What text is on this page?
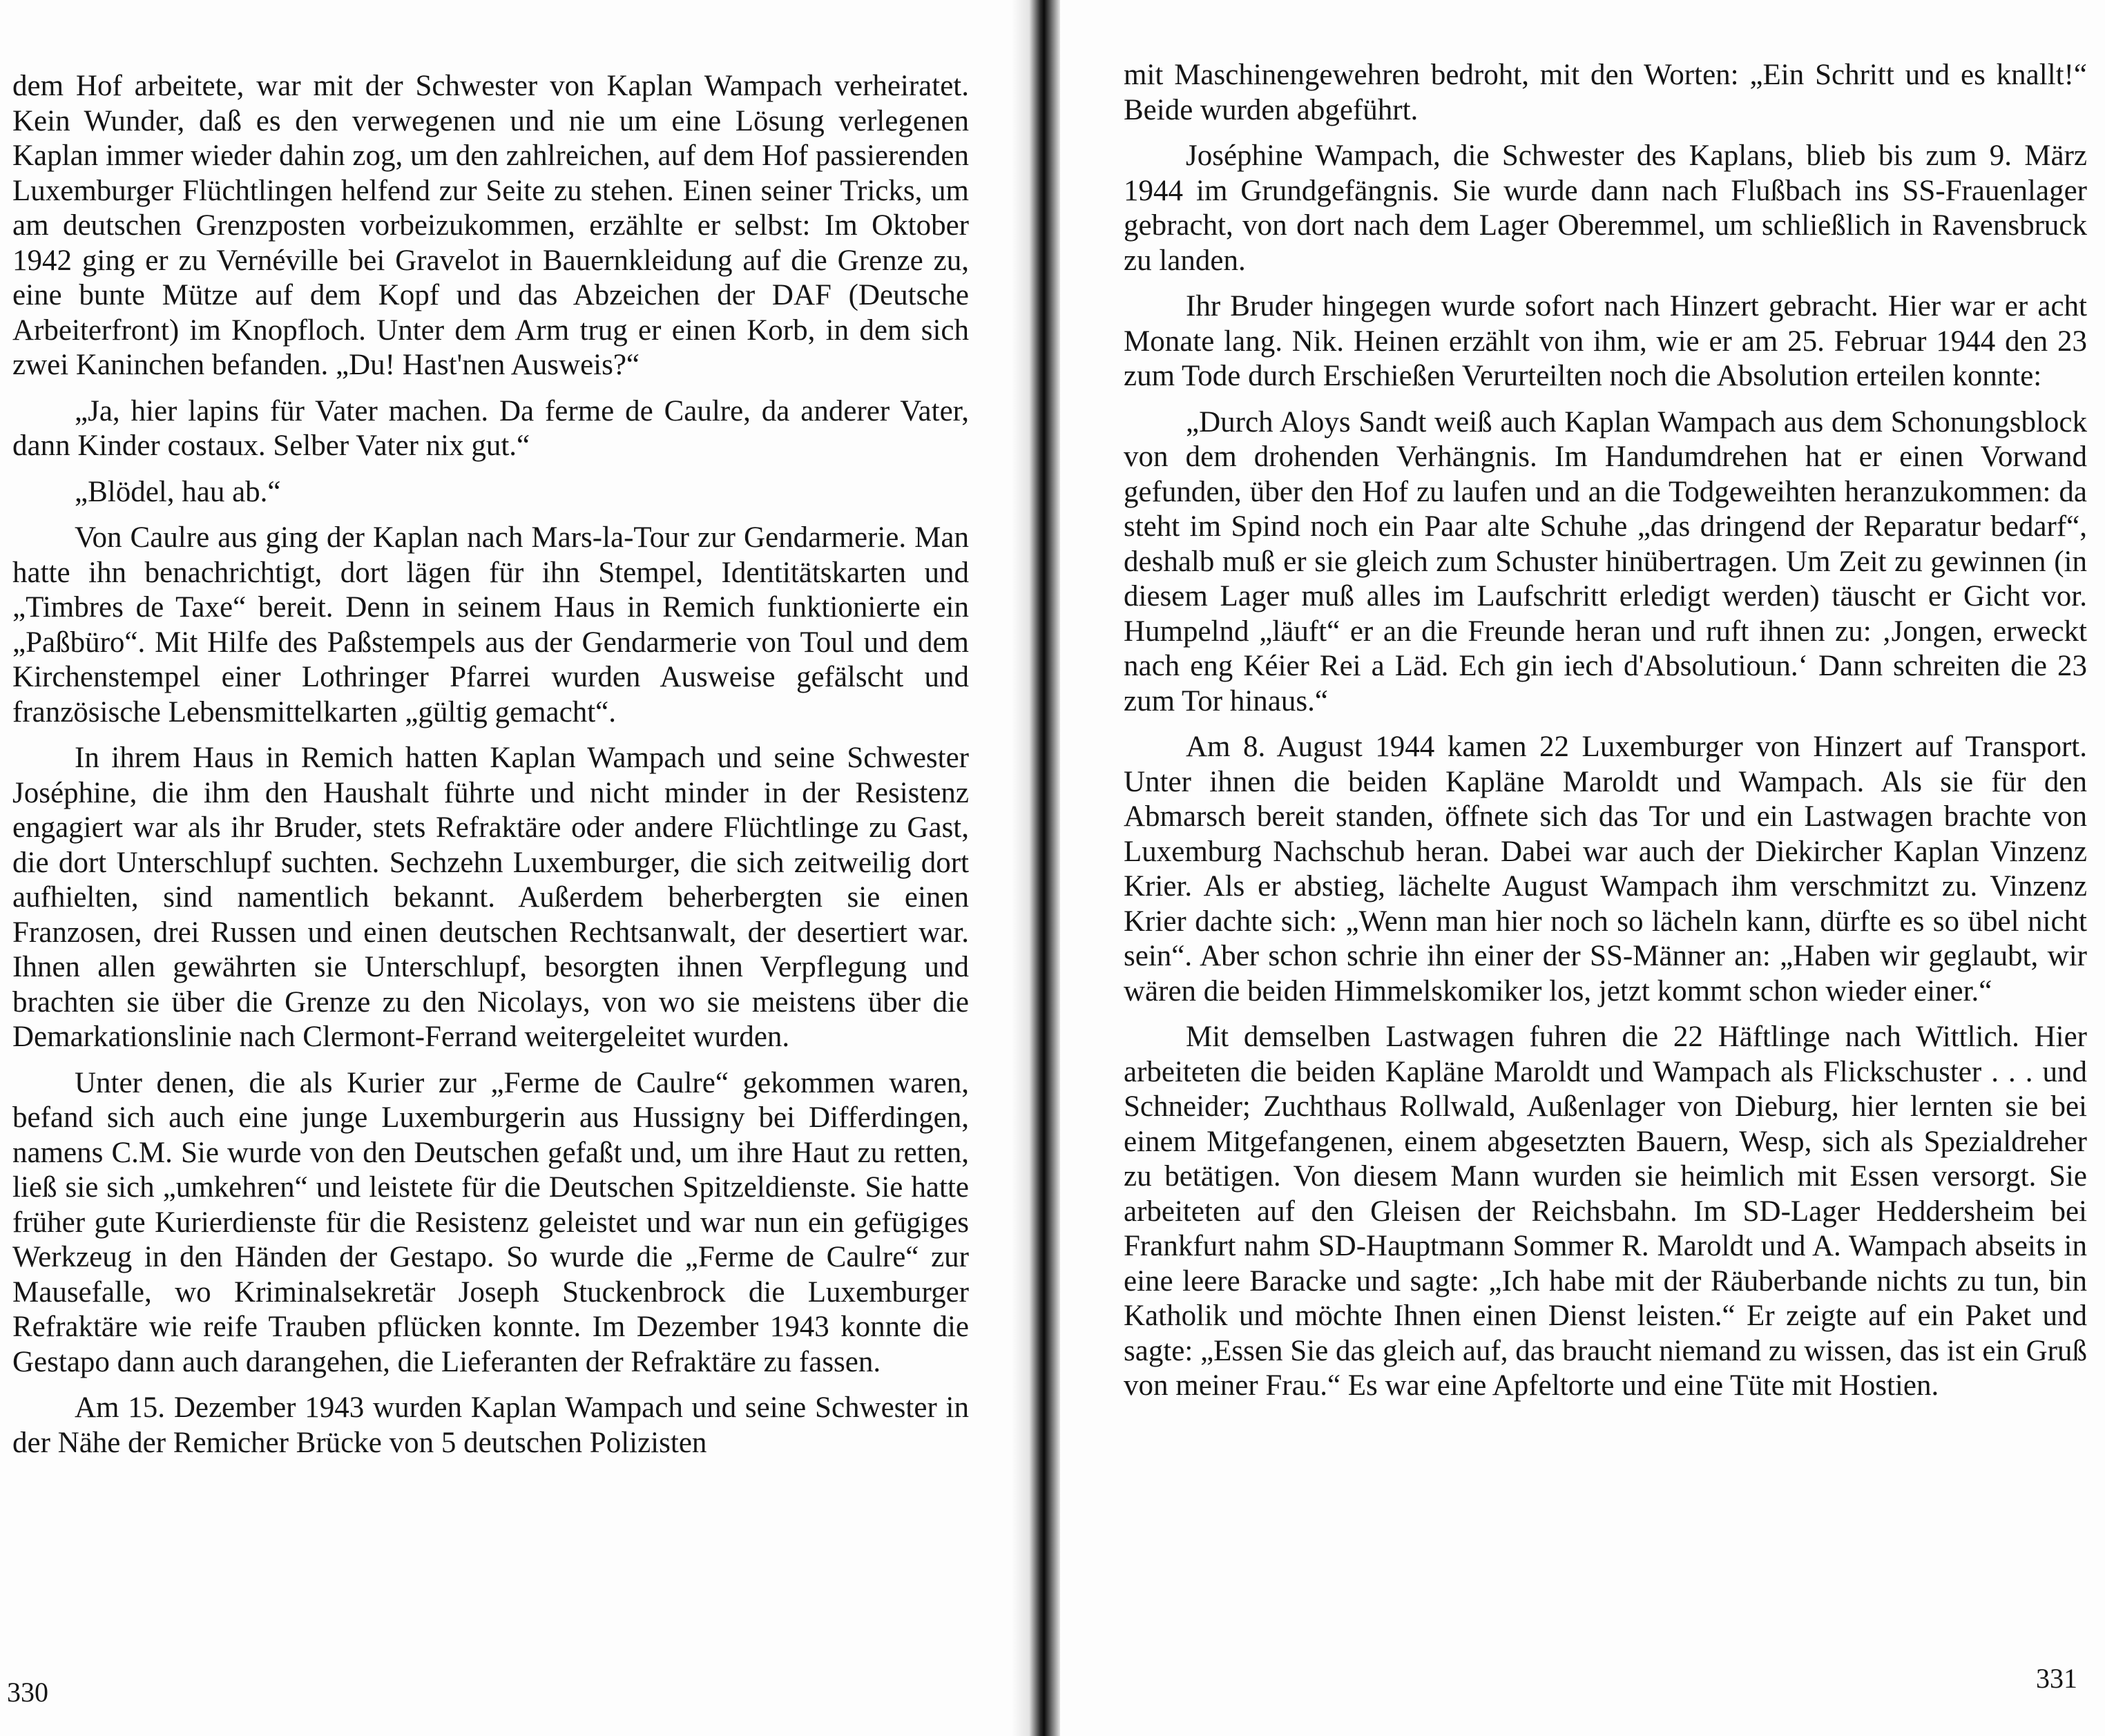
dem Hof arbeitete, war mit der Schwester von Kaplan Wampach verheiratet. Kein Wunder, daß es den verwegenen und nie um eine Lösung verlegenen Kaplan immer wieder dahin zog, um den zahlreichen, auf dem Hof passierenden Luxemburger Flüchtlingen helfend zur Seite zu stehen. Einen seiner Tricks, um am deutschen Grenzposten vorbeizukommen, erzählte er selbst: Im Oktober 1942 ging er zu Vernéville bei Gravelot in Bauernkleidung auf die Grenze zu, eine bunte Mütze auf dem Kopf und das Abzeichen der DAF (Deutsche Arbeiterfront) im Knopfloch. Unter dem Arm trug er einen Korb, in dem sich zwei Kaninchen befanden. „Du! Hast'nen Ausweis?“

„Ja, hier lapins für Vater machen. Da ferme de Caulre, da anderer Vater, dann Kinder costaux. Selber Vater nix gut.“

„Blödel, hau ab.“

Von Caulre aus ging der Kaplan nach Mars-la-Tour zur Gendarmerie. Man hatte ihn benachrichtigt, dort lägen für ihn Stempel, Identitätskarten und „Timbres de Taxe“ bereit. Denn in seinem Haus in Remich funktionierte ein „Paßbüro“. Mit Hilfe des Paßstempels aus der Gendarmerie von Toul und dem Kirchenstempel einer Lothringer Pfarrei wurden Ausweise gefälscht und französische Lebensmittelkarten „gültig gemacht“.

In ihrem Haus in Remich hatten Kaplan Wampach und seine Schwester Joséphine, die ihm den Haushalt führte und nicht minder in der Resistenz engagiert war als ihr Bruder, stets Refraktäre oder andere Flüchtlinge zu Gast, die dort Unterschlupf suchten. Sechzehn Luxemburger, die sich zeitweilig dort aufhielten, sind namentlich bekannt. Außerdem beherbergten sie einen Franzosen, drei Russen und einen deutschen Rechtsanwalt, der desertiert war. Ihnen allen gewährten sie Unterschlupf, besorgten ihnen Verpflegung und brachten sie über die Grenze zu den Nicolays, von wo sie meistens über die Demarkationslinie nach Clermont-Ferrand weitergeleitet wurden.

Unter denen, die als Kurier zur „Ferme de Caulre“ gekommen waren, befand sich auch eine junge Luxemburgerin aus Hussigny bei Differdingen, namens C.M. Sie wurde von den Deutschen gefaßt und, um ihre Haut zu retten, ließ sie sich „umkehren“ und leistete für die Deutschen Spitzeldienste. Sie hatte früher gute Kurierdienste für die Resistenz geleistet und war nun ein gefügiges Werkzeug in den Händen der Gestapo. So wurde die „Ferme de Caulre“ zur Mausefalle, wo Kriminalsekretär Joseph Stuckenbrock die Luxemburger Refraktäre wie reife Trauben pflücken konnte. Im Dezember 1943 konnte die Gestapo dann auch darangehen, die Lieferanten der Refraktäre zu fassen.

Am 15. Dezember 1943 wurden Kaplan Wampach und seine Schwester in der Nähe der Remicher Brücke von 5 deutschen Polizisten

330

mit Maschinengewehren bedroht, mit den Worten: „Ein Schritt und es knallt!“ Beide wurden abgeführt.

Joséphine Wampach, die Schwester des Kaplans, blieb bis zum 9. März 1944 im Grundgefängnis. Sie wurde dann nach Flußbach ins SS-Frauenlager gebracht, von dort nach dem Lager Oberemmel, um schließlich in Ravensbruck zu landen.

Ihr Bruder hingegen wurde sofort nach Hinzert gebracht. Hier war er acht Monate lang. Nik. Heinen erzählt von ihm, wie er am 25. Februar 1944 den 23 zum Tode durch Erschießen Verurteilten noch die Absolution erteilen konnte:

„Durch Aloys Sandt weiß auch Kaplan Wampach aus dem Schonungsblock von dem drohenden Verhängnis. Im Handumdrehen hat er einen Vorwand gefunden, über den Hof zu laufen und an die Todgeweihten heranzukommen: da steht im Spind noch ein Paar alte Schuhe „das dringend der Reparatur bedarf“, deshalb muß er sie gleich zum Schuster hinübertragen. Um Zeit zu gewinnen (in diesem Lager muß alles im Laufschritt erledigt werden) täuscht er Gicht vor. Humpelnd „läuft“ er an die Freunde heran und ruft ihnen zu: ‚Jongen, erweckt nach eng Kéier Rei a Läd. Ech gin iech d'Absolutioun.‘ Dann schreiten die 23 zum Tor hinaus.“

Am 8. August 1944 kamen 22 Luxemburger von Hinzert auf Transport. Unter ihnen die beiden Kapläne Maroldt und Wampach. Als sie für den Abmarsch bereit standen, öffnete sich das Tor und ein Lastwagen brachte von Luxemburg Nachschub heran. Dabei war auch der Diekircher Kaplan Vinzenz Krier. Als er abstieg, lächelte August Wampach ihm verschmitzt zu. Vinzenz Krier dachte sich: „Wenn man hier noch so lächeln kann, dürfte es so übel nicht sein“. Aber schon schrie ihn einer der SS-Männer an: „Haben wir geglaubt, wir wären die beiden Himmelskomiker los, jetzt kommt schon wieder einer.“

Mit demselben Lastwagen fuhren die 22 Häftlinge nach Wittlich. Hier arbeiteten die beiden Kapläne Maroldt und Wampach als Flickschuster . . . und Schneider; Zuchthaus Rollwald, Außenlager von Dieburg, hier lernten sie bei einem Mitgefangenen, einem abgesetzten Bauern, Wesp, sich als Spezialdreher zu betätigen. Von diesem Mann wurden sie heimlich mit Essen versorgt. Sie arbeiteten auf den Gleisen der Reichsbahn. Im SD-Lager Heddersheim bei Frankfurt nahm SD-Hauptmann Sommer R. Maroldt und A. Wampach abseits in eine leere Baracke und sagte: „Ich habe mit der Räuberbande nichts zu tun, bin Katholik und möchte Ihnen einen Dienst leisten.“ Er zeigte auf ein Paket und sagte: „Essen Sie das gleich auf, das braucht niemand zu wissen, das ist ein Gruß von meiner Frau.“ Es war eine Apfeltorte und eine Tüte mit Hostien.

331
